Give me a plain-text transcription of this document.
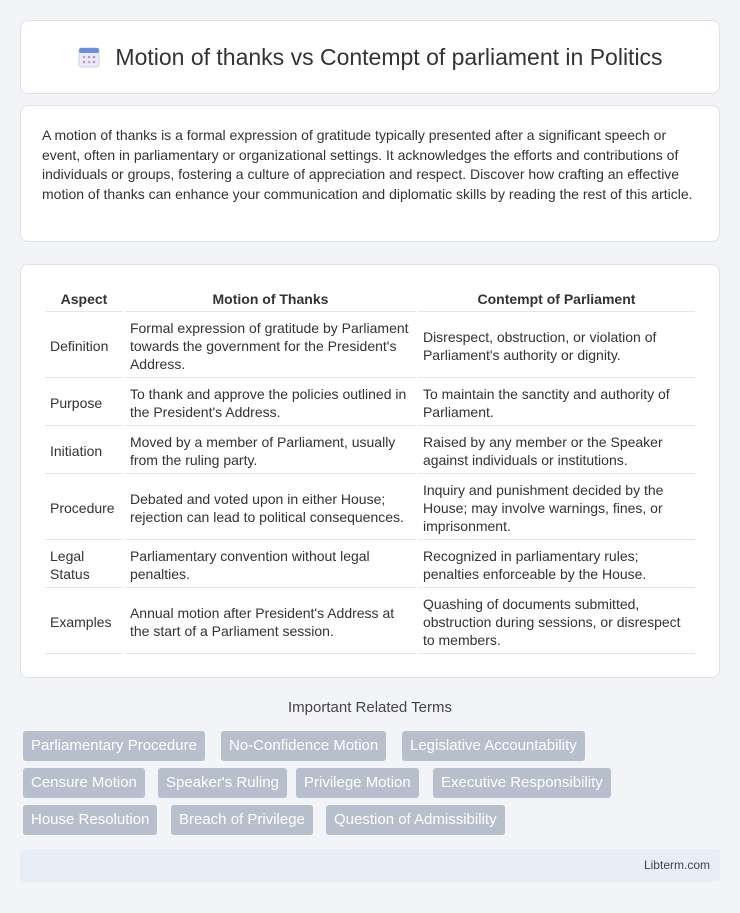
Motion of thanks vs Contempt of parliament in Politics

A motion of thanks is a formal expression of gratitude typically presented after a significant speech or event, often in parliamentary or organizational settings. It acknowledges the efforts and contributions of individuals or groups, fostering a culture of appreciation and respect. Discover how crafting an effective motion of thanks can enhance your communication and diplomatic skills by reading the rest of this article.

Aspect	Motion of Thanks	Contempt of Parliament
Definition	Formal expression of gratitude by Parliament towards the government for the President's Address.	Disrespect, obstruction, or violation of Parliament's authority or dignity.
Purpose	To thank and approve the policies outlined in the President's Address.	To maintain the sanctity and authority of Parliament.
Initiation	Moved by a member of Parliament, usually from the ruling party.	Raised by any member or the Speaker against individuals or institutions.
Procedure	Debated and voted upon in either House; rejection can lead to political consequences.	Inquiry and punishment decided by the House; may involve warnings, fines, or imprisonment.
Legal Status	Parliamentary convention without legal penalties.	Recognized in parliamentary rules; penalties enforceable by the House.
Examples	Annual motion after President's Address at the start of a Parliament session.	Quashing of documents submitted, obstruction during sessions, or disrespect to members.
Important Related Terms
Parliamentary Procedure	No-Confidence Motion	Legislative Accountability
Censure Motion	Speaker's Ruling	Privilege Motion	Executive Responsibility
House Resolution	Breach of Privilege	Question of Admissibility
Libterm.com
